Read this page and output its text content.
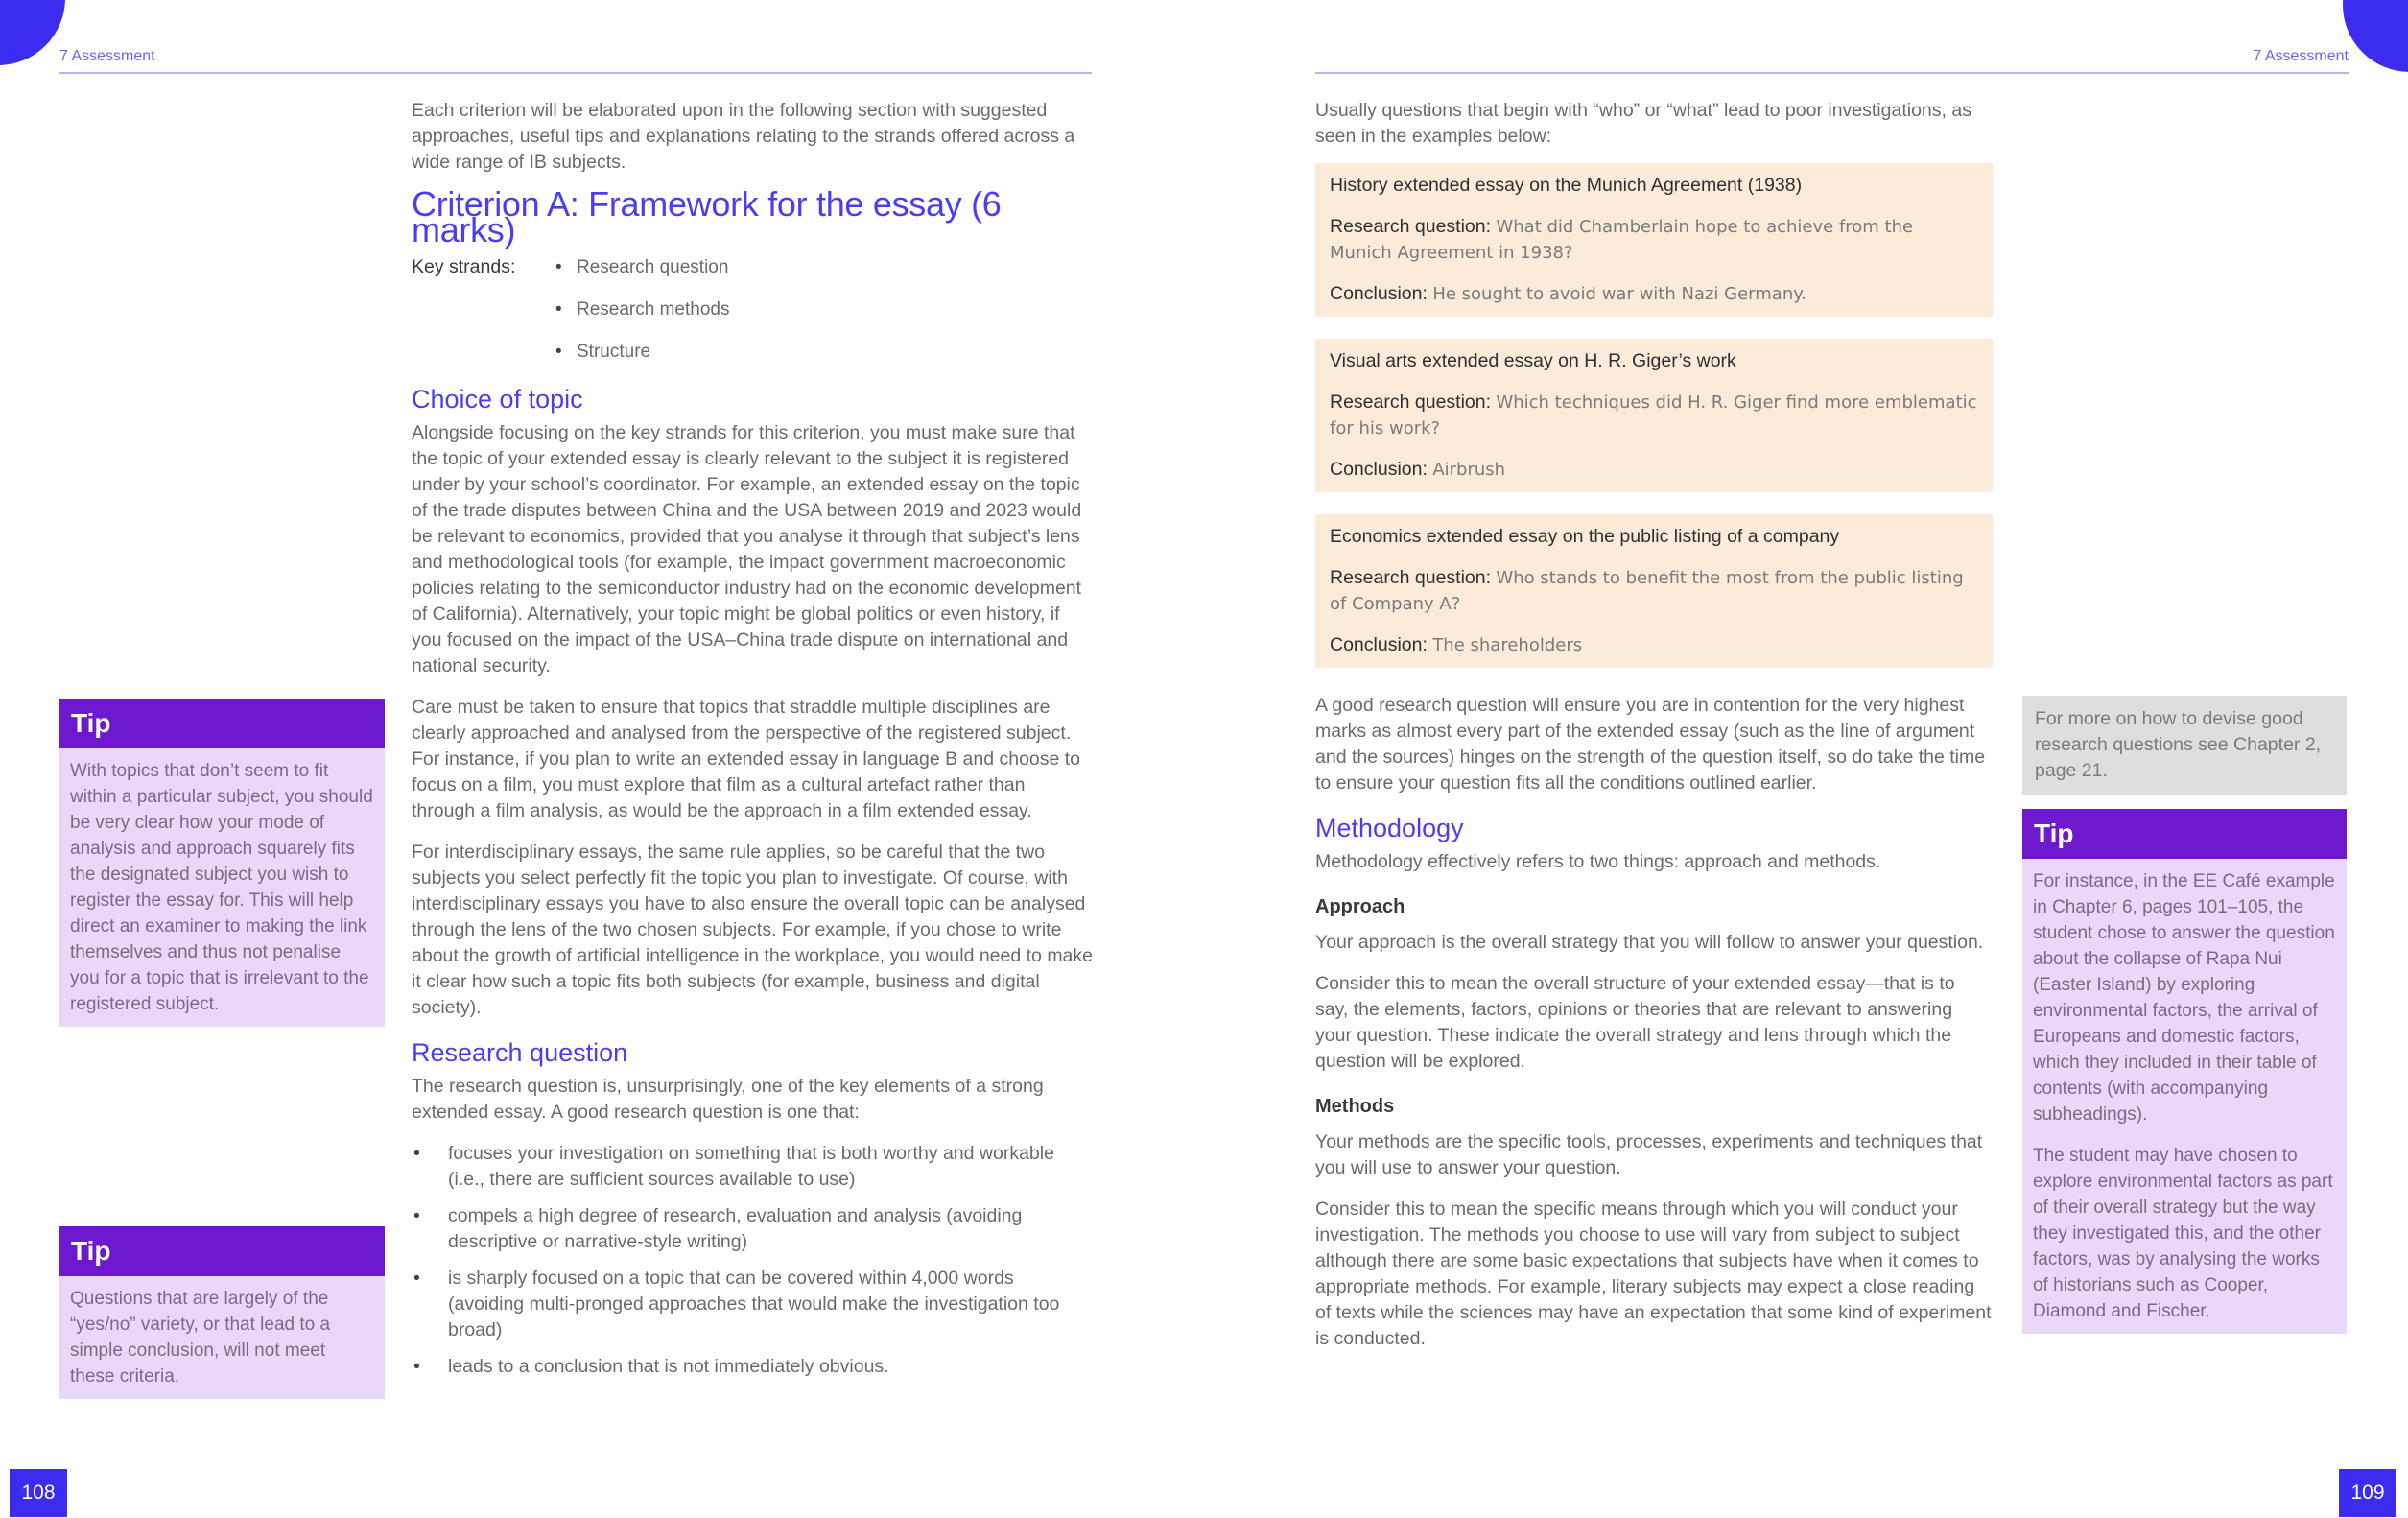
7 Assessment	7 Assessment

Each criterion will be elaborated upon in the following section with suggested approaches, useful tips and explanations relating to the strands offered across a wide range of IB subjects.

Criterion A: Framework for the essay (6 marks)
Key strands:
•	Research question
• Research methods
• Structure
Choice of topic

Alongside focusing on the key strands for this criterion, you must make sure that the topic of your extended essay is clearly relevant to the subject it is registered under by your school’s coordinator. For example, an extended essay on the topic of the trade disputes between China and the USA between 2019 and 2023 would be relevant to economics, provided that you analyse it through that subject’s lens and methodological tools (for example, the impact government macroeconomic policies relating to the semiconductor industry had on the economic development of California). Alternatively, your topic might be global politics or even history, if you focused on the impact of the USA–China trade dispute on international and national security.

Care must be taken to ensure that topics that straddle multiple disciplines are clearly approached and analysed from the perspective of the registered subject. For instance, if you plan to write an extended essay in language B and choose to focus on a film, you must explore that film as a cultural artefact rather than through a film analysis, as would be the approach in a film extended essay.

For interdisciplinary essays, the same rule applies, so be careful that the two subjects you select perfectly fit the topic you plan to investigate. Of course, with interdisciplinary essays you have to also ensure the overall topic can be analysed through the lens of the two chosen subjects. For example, if you chose to write about the growth of artificial intelligence in the workplace, you would need to make it clear how such a topic fits both subjects (for example, business and digital society).

Research question

The research question is, unsurprisingly, one of the key elements of a strong extended essay. A good research question is one that:

• focuses your investigation on something that is both worthy and workable (i.e., there are sufficient sources available to use)
• compels a high degree of research, evaluation and analysis (avoiding descriptive or narrative-style writing)
• is sharply focused on a topic that can be covered within 4,000 words (avoiding multi-pronged approaches that would make the investigation too broad)
• leads to a conclusion that is not immediately obvious.
Tip

With topics that don’t seem to fit within a particular subject, you should be very clear how your mode of analysis and approach squarely fits the designated subject you wish to register the essay for. This will help direct an examiner to making the link themselves and thus not penalise you for a topic that is irrelevant to the registered subject.

Tip

Questions that are largely of the “yes/no” variety, or that lead to a simple conclusion, will not meet these criteria.

Usually questions that begin with “who” or “what” lead to poor investigations, as seen in the examples below:

History extended essay on the Munich Agreement (1938)
Research question: What did Chamberlain hope to achieve from the Munich Agreement in 1938?
Conclusion: He sought to avoid war with Nazi Germany.
Visual arts extended essay on H. R. Giger’s work
Research question: Which techniques did H. R. Giger find more emblematic for his work?
Conclusion: Airbrush
Economics extended essay on the public listing of a company
Research question: Who stands to benefit the most from the public listing of Company A?
Conclusion: The shareholders

A good research question will ensure you are in contention for the very highest marks as almost every part of the extended essay (such as the line of argument and the sources) hinges on the strength of the question itself, so do take the time to ensure your question fits all the conditions outlined earlier.

Methodology

Methodology effectively refers to two things: approach and methods.

Approach

Your approach is the overall strategy that you will follow to answer your question.

Consider this to mean the overall structure of your extended essay—that is to say, the elements, factors, opinions or theories that are relevant to answering your question. These indicate the overall strategy and lens through which the question will be explored.

Methods

Your methods are the specific tools, processes, experiments and techniques that you will use to answer your question.

Consider this to mean the specific means through which you will conduct your investigation. The methods you choose to use will vary from subject to subject although there are some basic expectations that subjects have when it comes to appropriate methods. For example, literary subjects may expect a close reading of texts while the sciences may have an expectation that some kind of experiment is conducted.

For more on how to devise good research questions see Chapter 2, page 21.
Tip

For instance, in the EE Café example in Chapter 6, pages 101–105, the student chose to answer the question about the collapse of Rapa Nui (Easter Island) by exploring environmental factors, the arrival of Europeans and domestic factors, which they included in their table of contents (with accompanying subheadings).

The student may have chosen to explore environmental factors as part of their overall strategy but the way they investigated this, and the other factors, was by analysing the works of historians such as Cooper, Diamond and Fischer.

108	109
